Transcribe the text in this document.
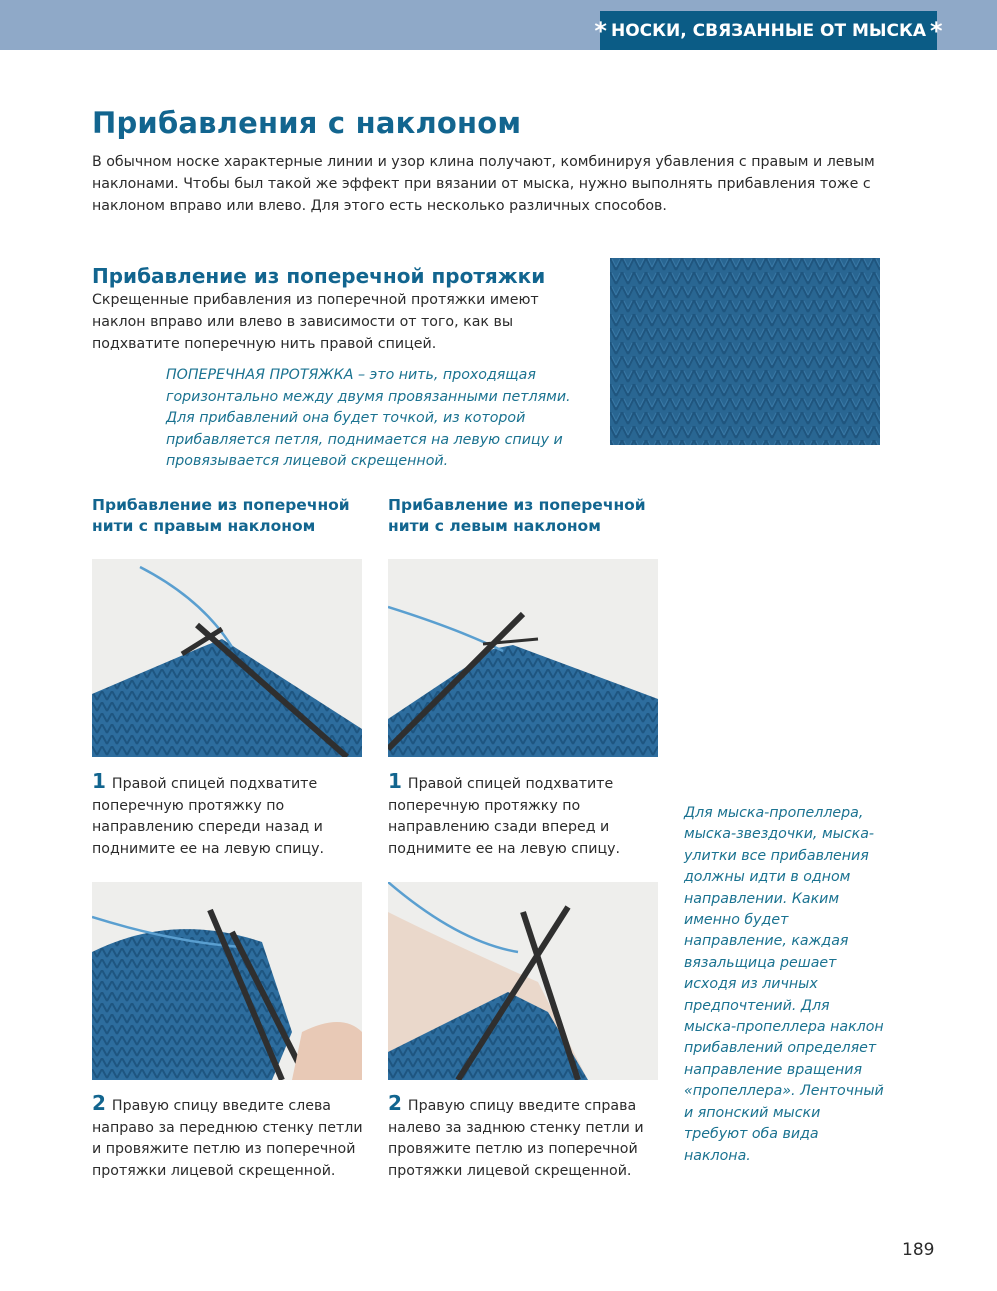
* НОСКИ, СВЯЗАННЫЕ ОТ МЫСКА *
Прибавления с наклоном

В обычном носке характерные линии и узор клина получают, комбинируя убавления с правым и левым наклонами. Чтобы был такой же эффект при вязании от мыска, нужно выполнять прибавления тоже с наклоном вправо или влево. Для этого есть несколько различных способов.

Прибавление из поперечной протяжки

Скрещенные прибавления из поперечной протяжки имеют наклон вправо или влево в зависимости от того, как вы подхватите поперечную нить правой спицей.

ПОПЕРЕЧНАЯ ПРОТЯЖКА – это нить, проходящая горизонтально между двумя провязанными петлями. Для прибавлений она будет точкой, из которой прибавляется петля, поднимается на левую спицу и провязывается лицевой скрещенной.

Прибавление из поперечной
нити с правым наклоном

Прибавление из поперечной
нити с левым наклоном

1 Правой спицей подхватите поперечную протяжку по направлению спереди назад и поднимите ее на левую спицу.

1 Правой спицей подхватите поперечную протяжку по направлению сзади вперед и поднимите ее на левую спицу.

2 Правую спицу введите слева направо за переднюю стенку петли и провяжите петлю из поперечной протяжки лицевой скрещенной.

2 Правую спицу введите справа налево за заднюю стенку петли и провяжите петлю из поперечной протяжки лицевой скрещенной.

Для мыска-пропеллера, мыска-звездочки, мыска-улитки все прибавления должны идти в одном направлении. Каким именно будет направление, каждая вязальщица решает исходя из личных предпочтений. Для мыска-пропеллера наклон прибавлений определяет направление вращения «пропеллера». Ленточный и японский мыски требуют оба вида наклона.

189
